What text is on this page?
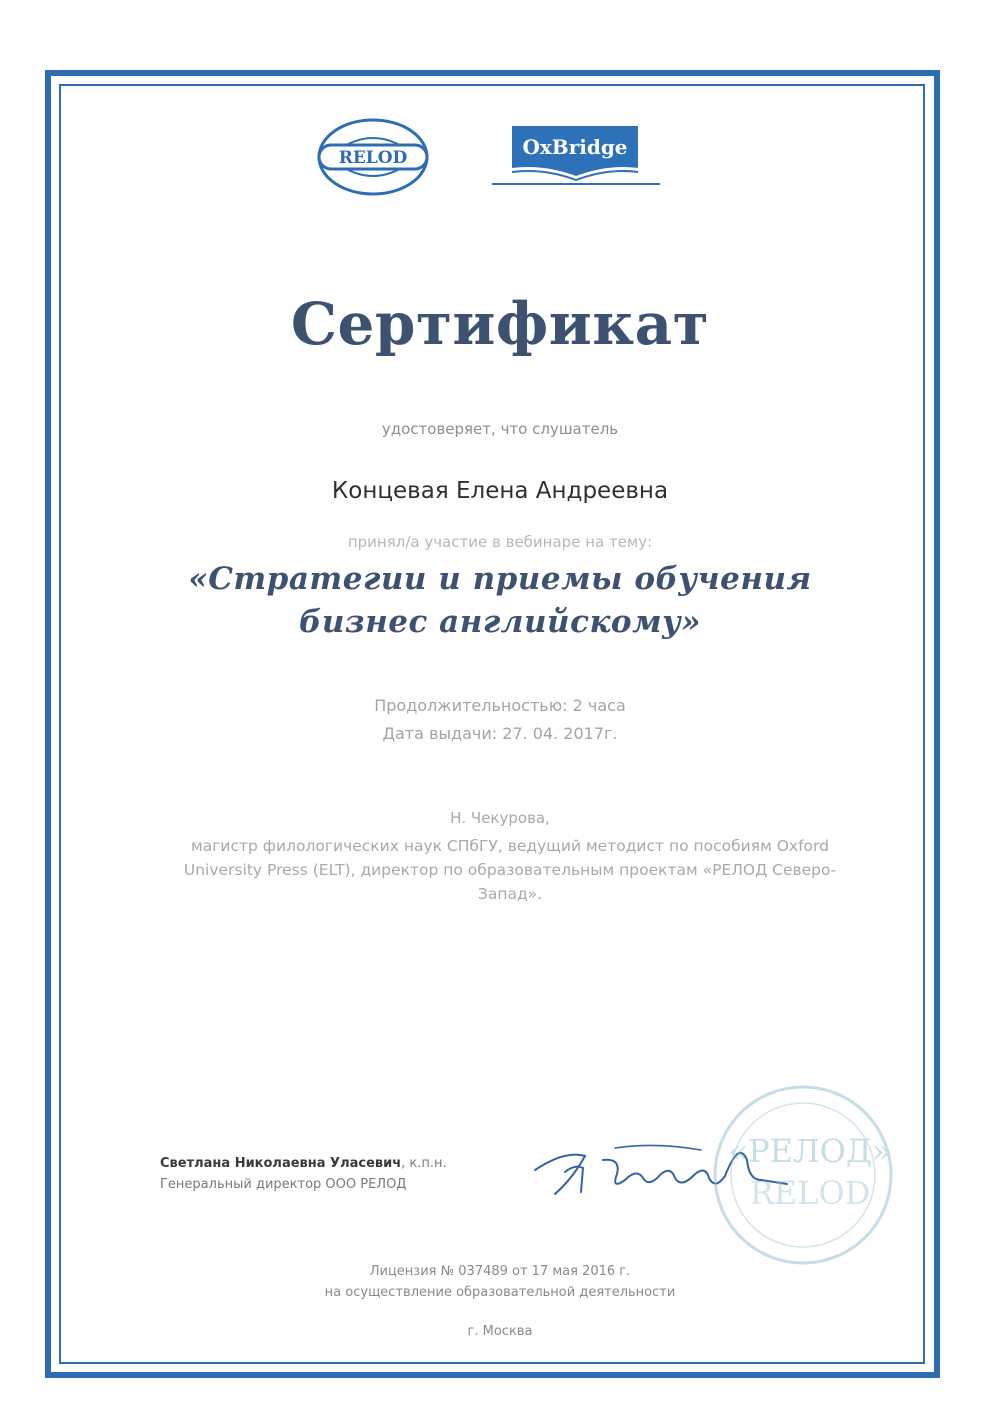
RELOD	OxBridge
Сертификат
удостоверяет, что слушатель
Концевая Елена Андреевна
принял/а участие в вебинаре на тему:
«Стратегии и приемы обучения
бизнес английскому»
Продолжительностью: 2 часа
Дата выдачи: 27. 04. 2017г.
Н. Чекурова,
магистр филологических наук СПбГУ, ведущий методист по пособиям Oxford University Press (ELT), директор по образовательным проектам «РЕЛОД Северо-Запад».
Светлана Николаевна Уласевич, к.п.н.
Генеральный директор ООО РЕЛОД
«РЕЛОД»
RELOD
Лицензия № 037489 от 17 мая 2016 г.
на осуществление образовательной деятельности
г. Москва
